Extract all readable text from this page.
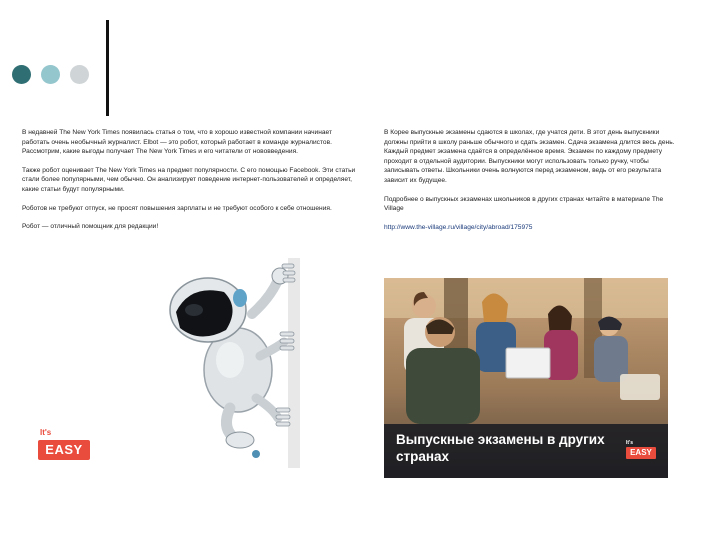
В недавней The New York Times появилась статья о том, что в хорошо известной компании начинает работать очень необычный журналист. Elbot — это робот, который работает в команде журналистов. Рассмотрим, какие выгоды получает The New York Times и его читатели от нововведения.

Также робот оценивает The New York Times на предмет популярности. С его помощью Facebook. Эти статьи стали более популярными, чем обычно. Он анализирует поведение интернет-пользователей и определяет, какие статьи будут популярными.

Роботов не требуют отпуск, не просят повышения зарплаты и не требуют особого к себе отношения.

Робот — отличный помощник для редакции!

В Корее выпускные экзамены сдаются в школах, где учатся дети. В этот день выпускники должны прийти в школу раньше обычного и сдать экзамен. Сдача экзамена длится весь день. Каждый предмет экзамена сдаётся в определённое время. Экзамен по каждому предмету проходит в отдельной аудитории. Выпускники могут использовать только ручку, чтобы записывать ответы. Школьники очень волнуются перед экзаменом, ведь от его результата зависит их будущее.

Подробнее о выпускных экзаменах школьников в других странах читайте в материале The Village

http://www.the-village.ru/village/city/abroad/175975

It's
EASY
Выпускные экзамены в других странах
It's
EASY
